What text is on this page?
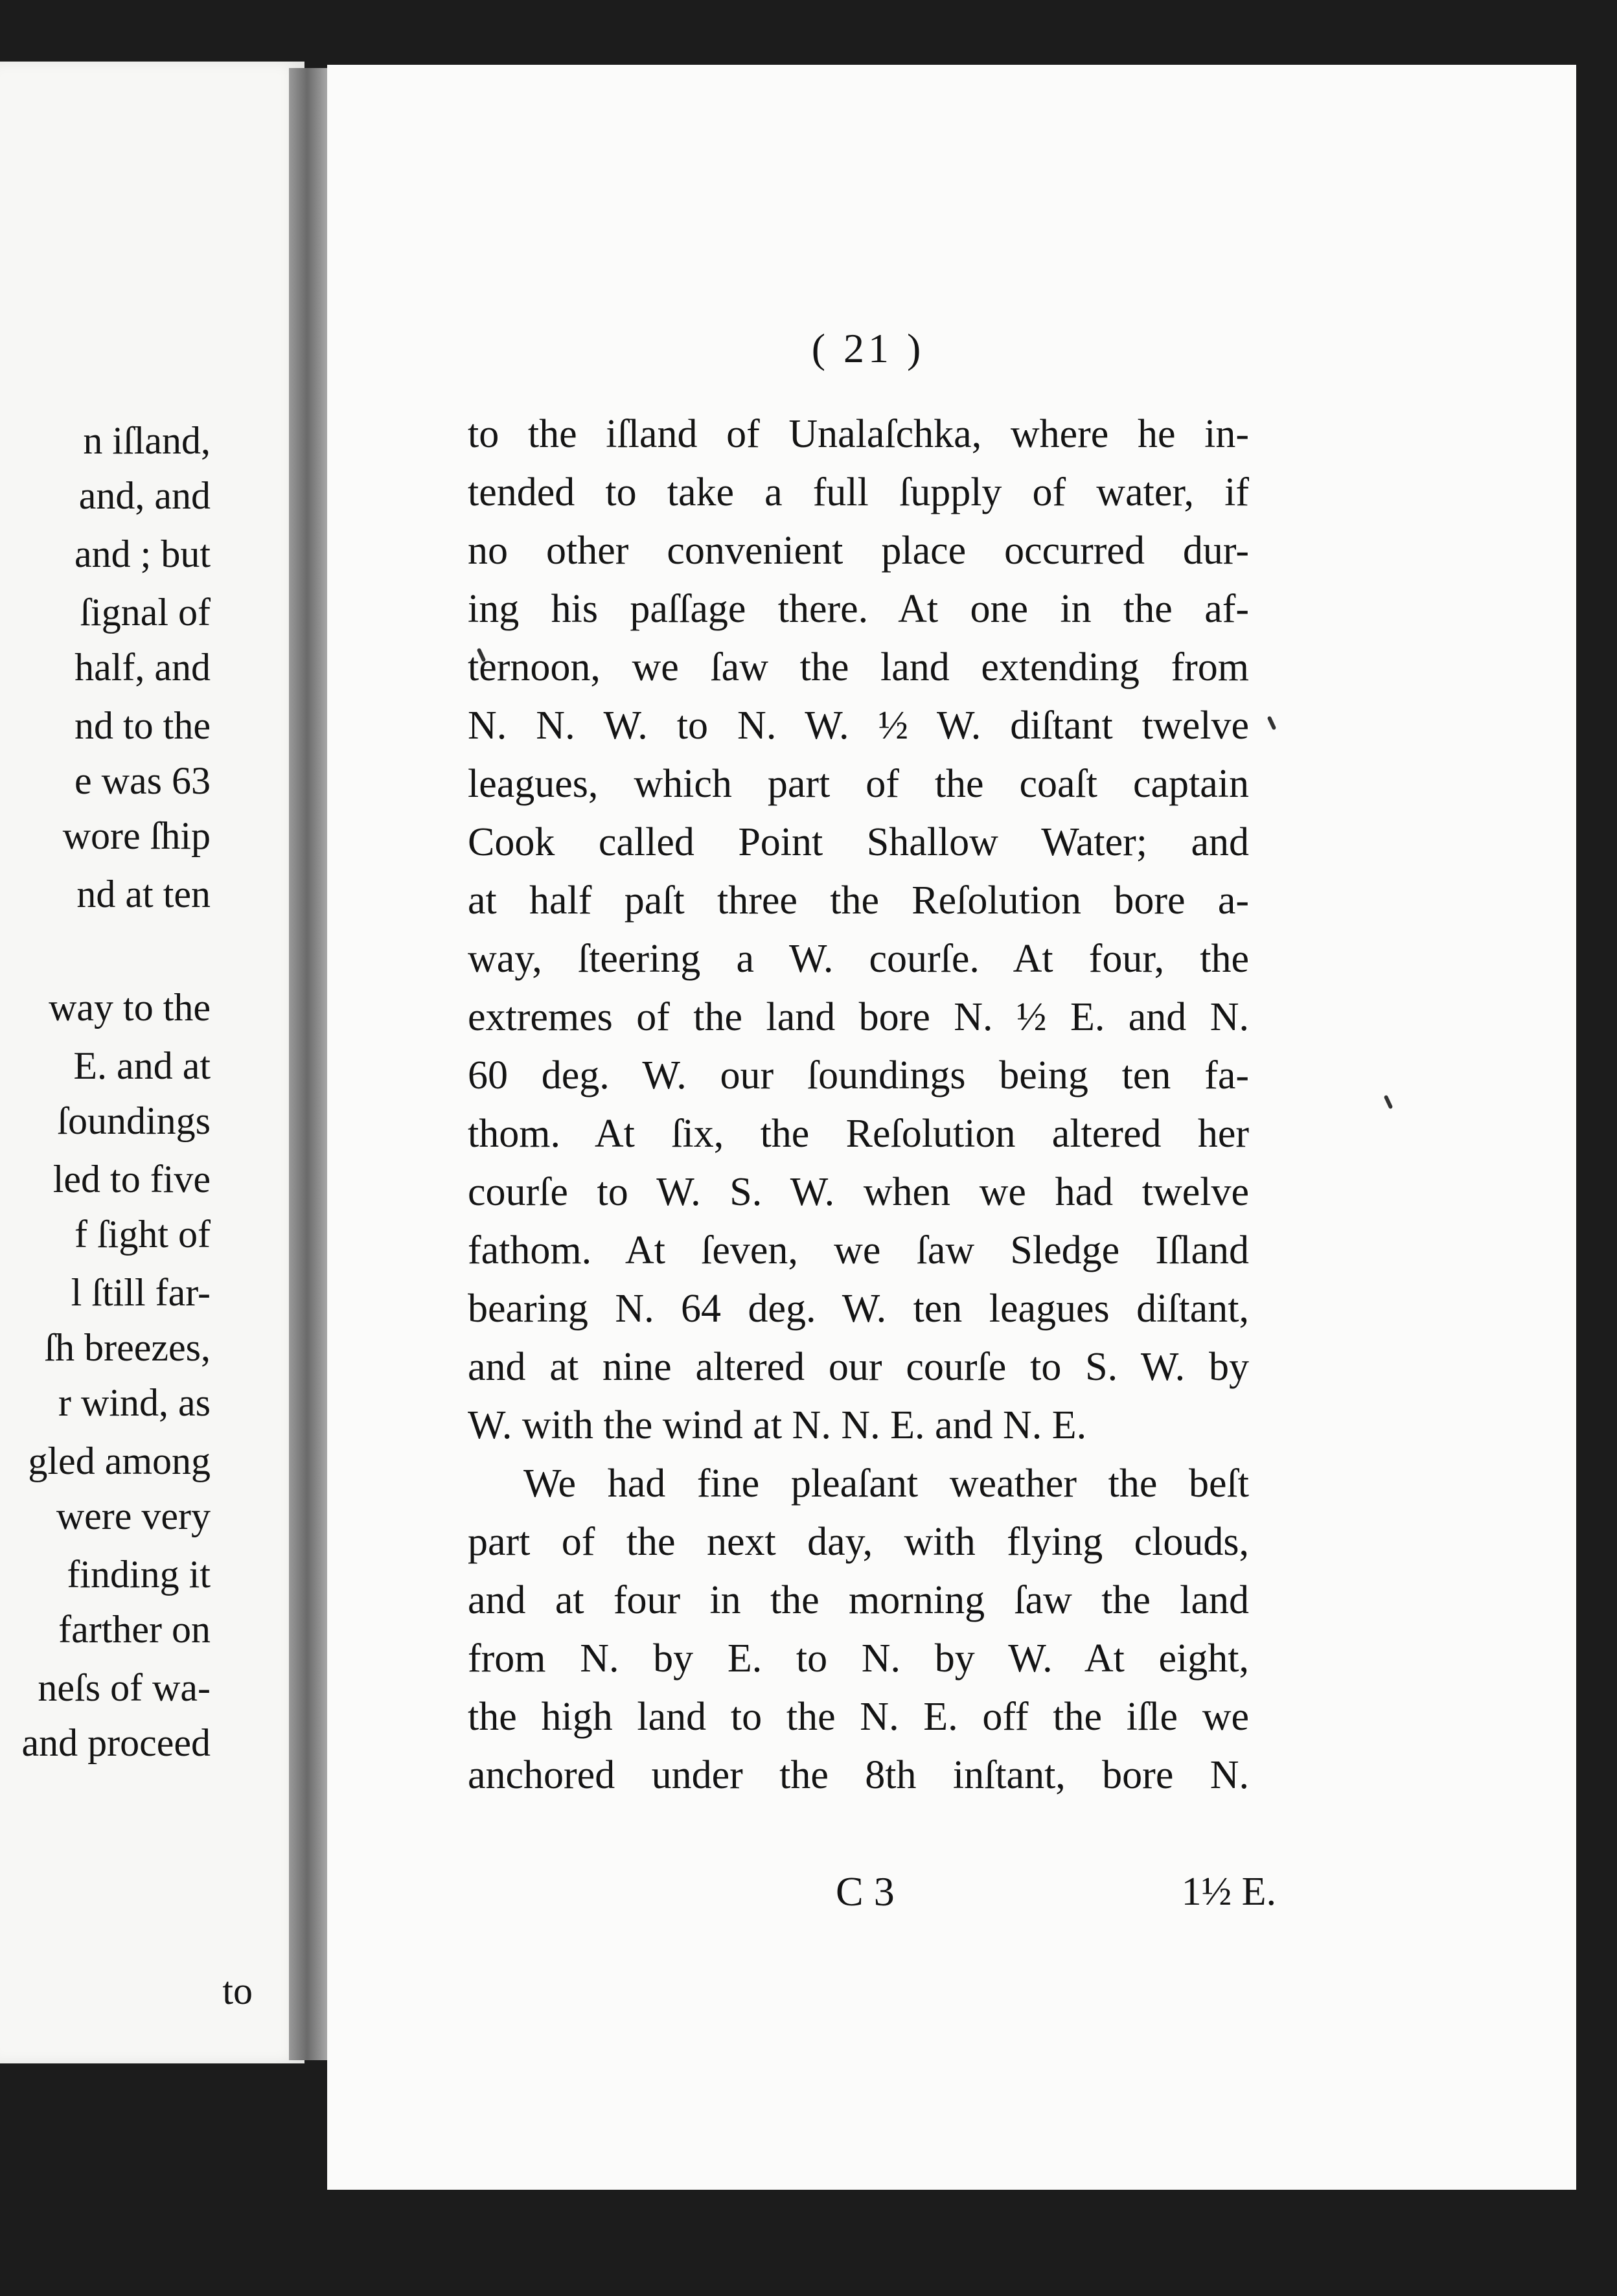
n iſland,
and, and
and ; but
ſignal of
half, and
nd to the
e was 63
wore ſhip
nd at ten
way to the
E. and at
ſoundings
led to five
f ſight of
l ſtill far-
ſh breezes,
r wind, as
gled among
were very
finding it
farther on
neſs of wa-
and proceed
to
( 21 )
to the iſland of Unalaſchka, where he in-
tended to take a full ſupply of water, if
no other convenient place occurred dur-
ing his paſſage there. At one in the af-
ternoon, we ſaw the land extending from
N. N. W. to N. W. ½ W. diſtant twelve
leagues, which part of the coaſt captain
Cook called Point Shallow Water; and
at half paſt three the Reſolution bore a-
way, ſteering a W. courſe. At four, the
extremes of the land bore N. ½ E. and N.
60 deg. W. our ſoundings being ten fa-
thom. At ſix, the Reſolution altered her
courſe to W. S. W. when we had twelve
fathom. At ſeven, we ſaw Sledge Iſland
bearing N. 64 deg. W. ten leagues diſtant,
and at nine altered our courſe to S. W. by
W. with the wind at N. N. E. and N. E.
We had fine pleaſant weather the beſt
part of the next day, with flying clouds,
and at four in the morning ſaw the land
from N. by E. to N. by W. At eight,
the high land to the N. E. off the iſle we
anchored under the 8th inſtant, bore N.
C 3	1½ E.
